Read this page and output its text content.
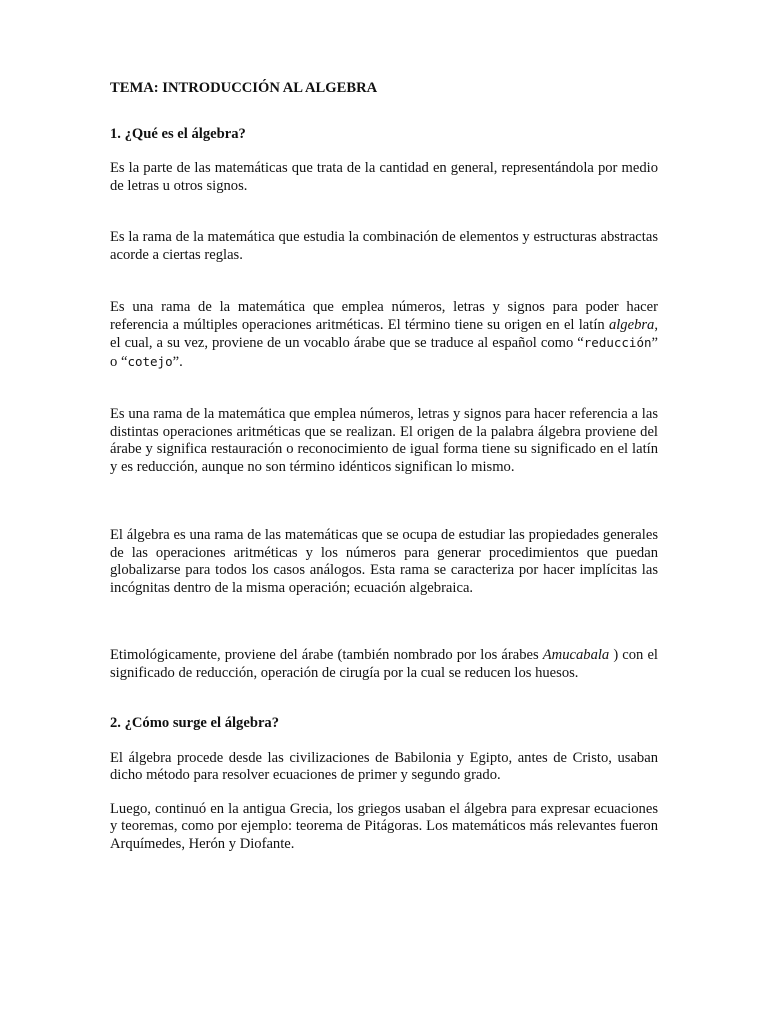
TEMA: INTRODUCCIÓN AL ALGEBRA

1. ¿Qué es el álgebra?

Es la parte de las matemáticas que trata de la cantidad en general, representándola por medio de letras u otros signos.

Es la rama de la matemática que estudia la combinación de elementos y estructuras abstractas acorde a ciertas reglas.

Es una rama de la matemática que emplea números, letras y signos para poder hacer referencia a múltiples operaciones aritméticas. El término tiene su origen en el latín algebra, el cual, a su vez, proviene de un vocablo árabe que se traduce al español como “reducción” o “cotejo”.

Es una rama de la matemática que emplea números, letras y signos para hacer referencia a las distintas operaciones aritméticas que se realizan. El origen de la palabra álgebra proviene del árabe y significa restauración o reconocimiento de igual forma tiene su significado en el latín y es reducción, aunque no son término idénticos significan lo mismo.

El álgebra es una rama de las matemáticas que se ocupa de estudiar las propiedades generales de las operaciones aritméticas y los números para generar procedimientos que puedan globalizarse para todos los casos análogos. Esta rama se caracteriza por hacer implícitas las incógnitas dentro de la misma operación; ecuación algebraica.

Etimológicamente, proviene del árabe (también nombrado por los árabes Amucabala ) con el significado de reducción, operación de cirugía por la cual se reducen los huesos.

2. ¿Cómo surge el álgebra?

El álgebra procede desde las civilizaciones de Babilonia y Egipto, antes de Cristo, usaban dicho método para resolver ecuaciones de primer y segundo grado.

Luego, continuó en la antigua Grecia, los griegos usaban el álgebra para expresar ecuaciones y teoremas, como por ejemplo: teorema de Pitágoras. Los matemáticos más relevantes fueron Arquímedes, Herón y Diofante.
